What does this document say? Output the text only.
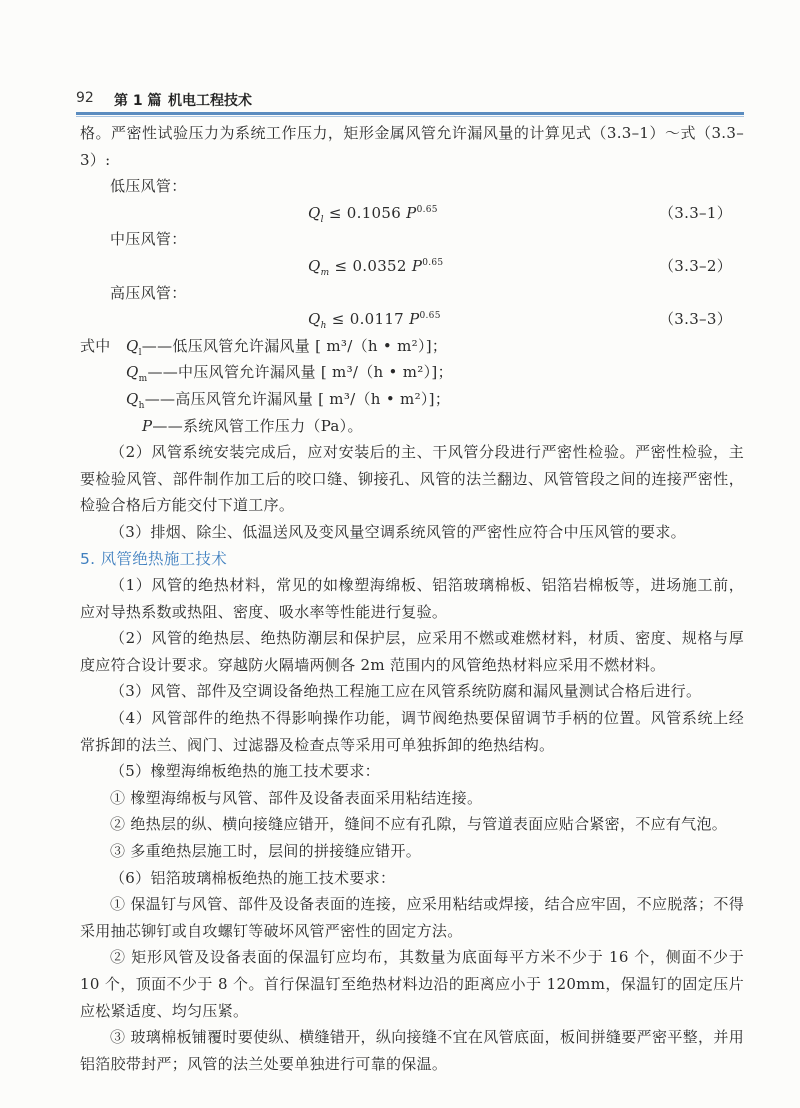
92 第 1 篇 机电工程技术

格。严密性试验压力为系统工作压力，矩形金属风管允许漏风量的计算见式（3.3–1）～式（3.3–3）:

低压风管：

$Q_l \le 0.1056$ $P^{0.65}$	（3.3–1）

中压风管：

$Q_m \le 0.0352$ $P^{0.65}$	（3.3–2）

高压风管：

$Q_h \le 0.0117$ $P^{0.65}$	（3.3–3）
式中 $Q_l——$低压风管允许漏风量 [ m³/（h • m²）]；
$Q_m——$中压风管允许漏风量 [ m³/（h • m²）]；
$Q_h——$高压风管允许漏风量 [ m³/（h • m²）]；
P——系统风管工作压力（Pa）。

（2）风管系统安装完成后，应对安装后的主、干风管分段进行严密性检验。严密性检验，主要检验风管、部件制作加工后的咬口缝、铆接孔、风管的法兰翻边、风管管段之间的连接严密性，检验合格后方能交付下道工序。

（3）排烟、除尘、低温送风及变风量空调系统风管的严密性应符合中压风管的要求。

5. 风管绝热施工技术

（1）风管的绝热材料，常见的如橡塑海绵板、铝箔玻璃棉板、铝箔岩棉板等，进场施工前，应对导热系数或热阻、密度、吸水率等性能进行复验。

（2）风管的绝热层、绝热防潮层和保护层，应采用不燃或难燃材料，材质、密度、规格与厚度应符合设计要求。穿越防火隔墙两侧各 2m 范围内的风管绝热材料应采用不燃材料。

（3）风管、部件及空调设备绝热工程施工应在风管系统防腐和漏风量测试合格后进行。

（4）风管部件的绝热不得影响操作功能，调节阀绝热要保留调节手柄的位置。风管系统上经常拆卸的法兰、阀门、过滤器及检查点等采用可单独拆卸的绝热结构。

（5）橡塑海绵板绝热的施工技术要求：

① 橡塑海绵板与风管、部件及设备表面采用粘结连接。

② 绝热层的纵、横向接缝应错开，缝间不应有孔隙，与管道表面应贴合紧密，不应有气泡。

③ 多重绝热层施工时，层间的拼接缝应错开。

（6）铝箔玻璃棉板绝热的施工技术要求：

① 保温钉与风管、部件及设备表面的连接，应采用粘结或焊接，结合应牢固，不应脱落；不得采用抽芯铆钉或自攻螺钉等破坏风管严密性的固定方法。

② 矩形风管及设备表面的保温钉应均布，其数量为底面每平方米不少于 16 个，侧面不少于 10 个，顶面不少于 8 个。首行保温钉至绝热材料边沿的距离应小于 120mm，保温钉的固定压片应松紧适度、均匀压紧。

③ 玻璃棉板铺覆时要使纵、横缝错开，纵向接缝不宜在风管底面，板间拼缝要严密平整，并用铝箔胶带封严；风管的法兰处要单独进行可靠的保温。
